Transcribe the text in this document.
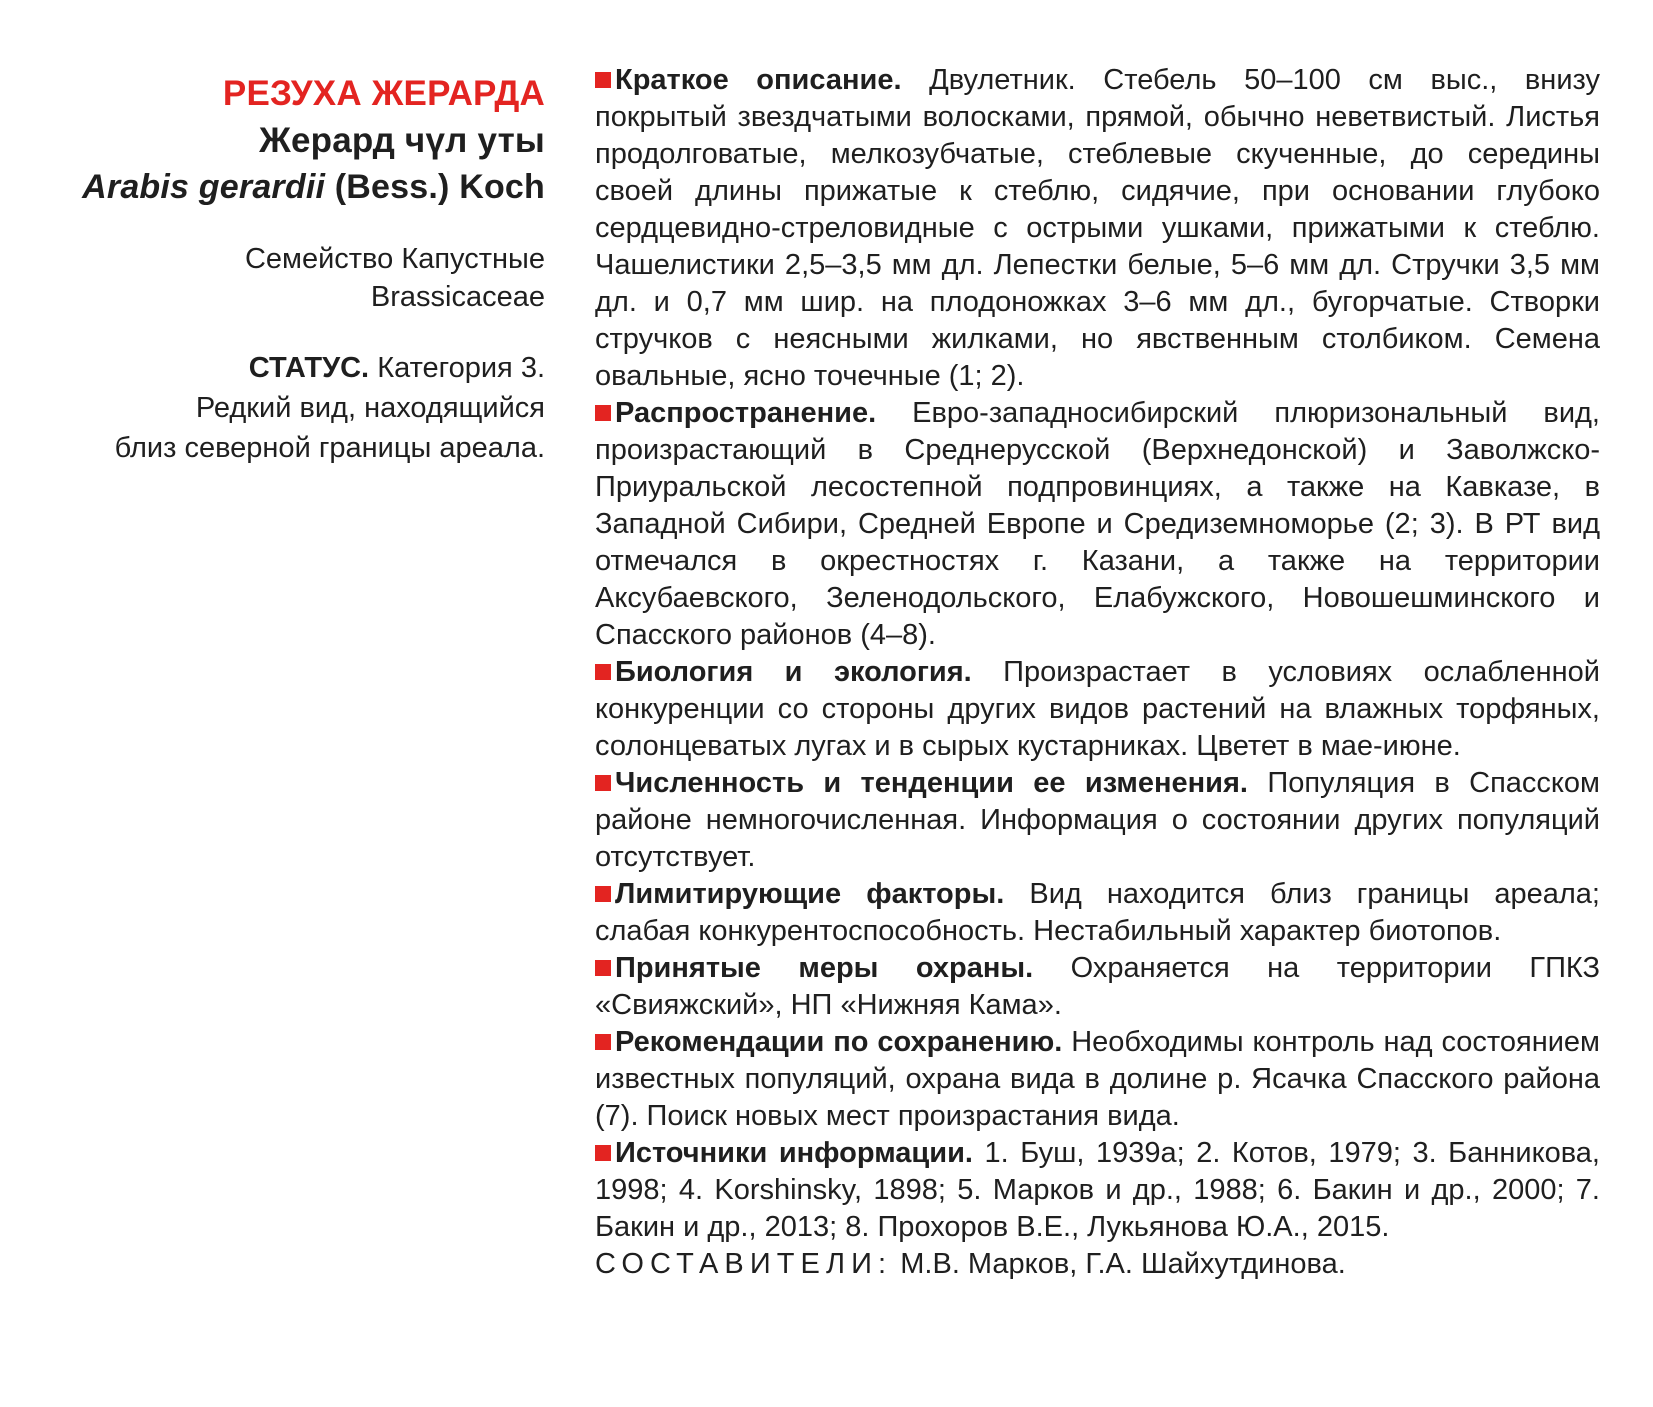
РЕЗУХА ЖЕРАРДА
Жерард чүл уты
Arabis gerardii (Bess.) Koch
Семейство Капустные
Brassicaceae
СТАТУС. Категория 3.
Редкий вид, находящийся
близ северной границы ареала.

Краткое описание. Двулетник. Стебель 50–100 см выс., внизу покрытый звездчатыми волосками, прямой, обычно неветвистый. Листья продолговатые, мелкозубчатые, стеблевые скученные, до середины своей длины прижатые к стеблю, сидячие, при основании глубоко сердцевидно-стреловидные с острыми ушками, прижатыми к стеблю. Чашелистики 2,5–3,5 мм дл. Лепестки белые, 5–6 мм дл. Стручки 3,5 мм дл. и 0,7 мм шир. на плодоножках 3–6 мм дл., бугорчатые. Створки стручков с неясными жилками, но явственным столбиком. Семена овальные, ясно точечные (1; 2).

Распространение. Евро-западносибирский плюризональный вид, произрастающий в Среднерусской (Верхнедонской) и Заволжско-Приуральской лесостепной подпровинциях, а также на Кавказе, в Западной Сибири, Средней Европе и Средиземноморье (2; 3). В РТ вид отмечался в окрестностях г. Казани, а также на территории Аксубаевского, Зеленодольского, Елабужского, Новошешминского и Спасского районов (4–8).

Биология и экология. Произрастает в условиях ослабленной конкуренции со стороны других видов растений на влажных торфяных, солонцеватых лугах и в сырых кустарниках. Цветет в мае-июне.

Численность и тенденции ее изменения. Популяция в Спасском районе немногочисленная. Информация о состоянии других популяций отсутствует.

Лимитирующие факторы. Вид находится близ границы ареала; слабая конкурентоспособность. Нестабильный характер биотопов.

Принятые меры охраны. Охраняется на территории ГПКЗ «Свияжский», НП «Нижняя Кама».

Рекомендации по сохранению. Необходимы контроль над состоянием известных популяций, охрана вида в долине р. Ясачка Спасского района (7). Поиск новых мест произрастания вида.

Источники информации. 1. Буш, 1939а; 2. Котов, 1979; 3. Банникова, 1998; 4. Korshinsky, 1898; 5. Марков и др., 1988; 6. Бакин и др., 2000; 7. Бакин и др., 2013; 8. Прохоров В.Е., Лукьянова Ю.А., 2015.

СОСТАВИТЕЛИ: М.В. Марков, Г.А. Шайхутдинова.
